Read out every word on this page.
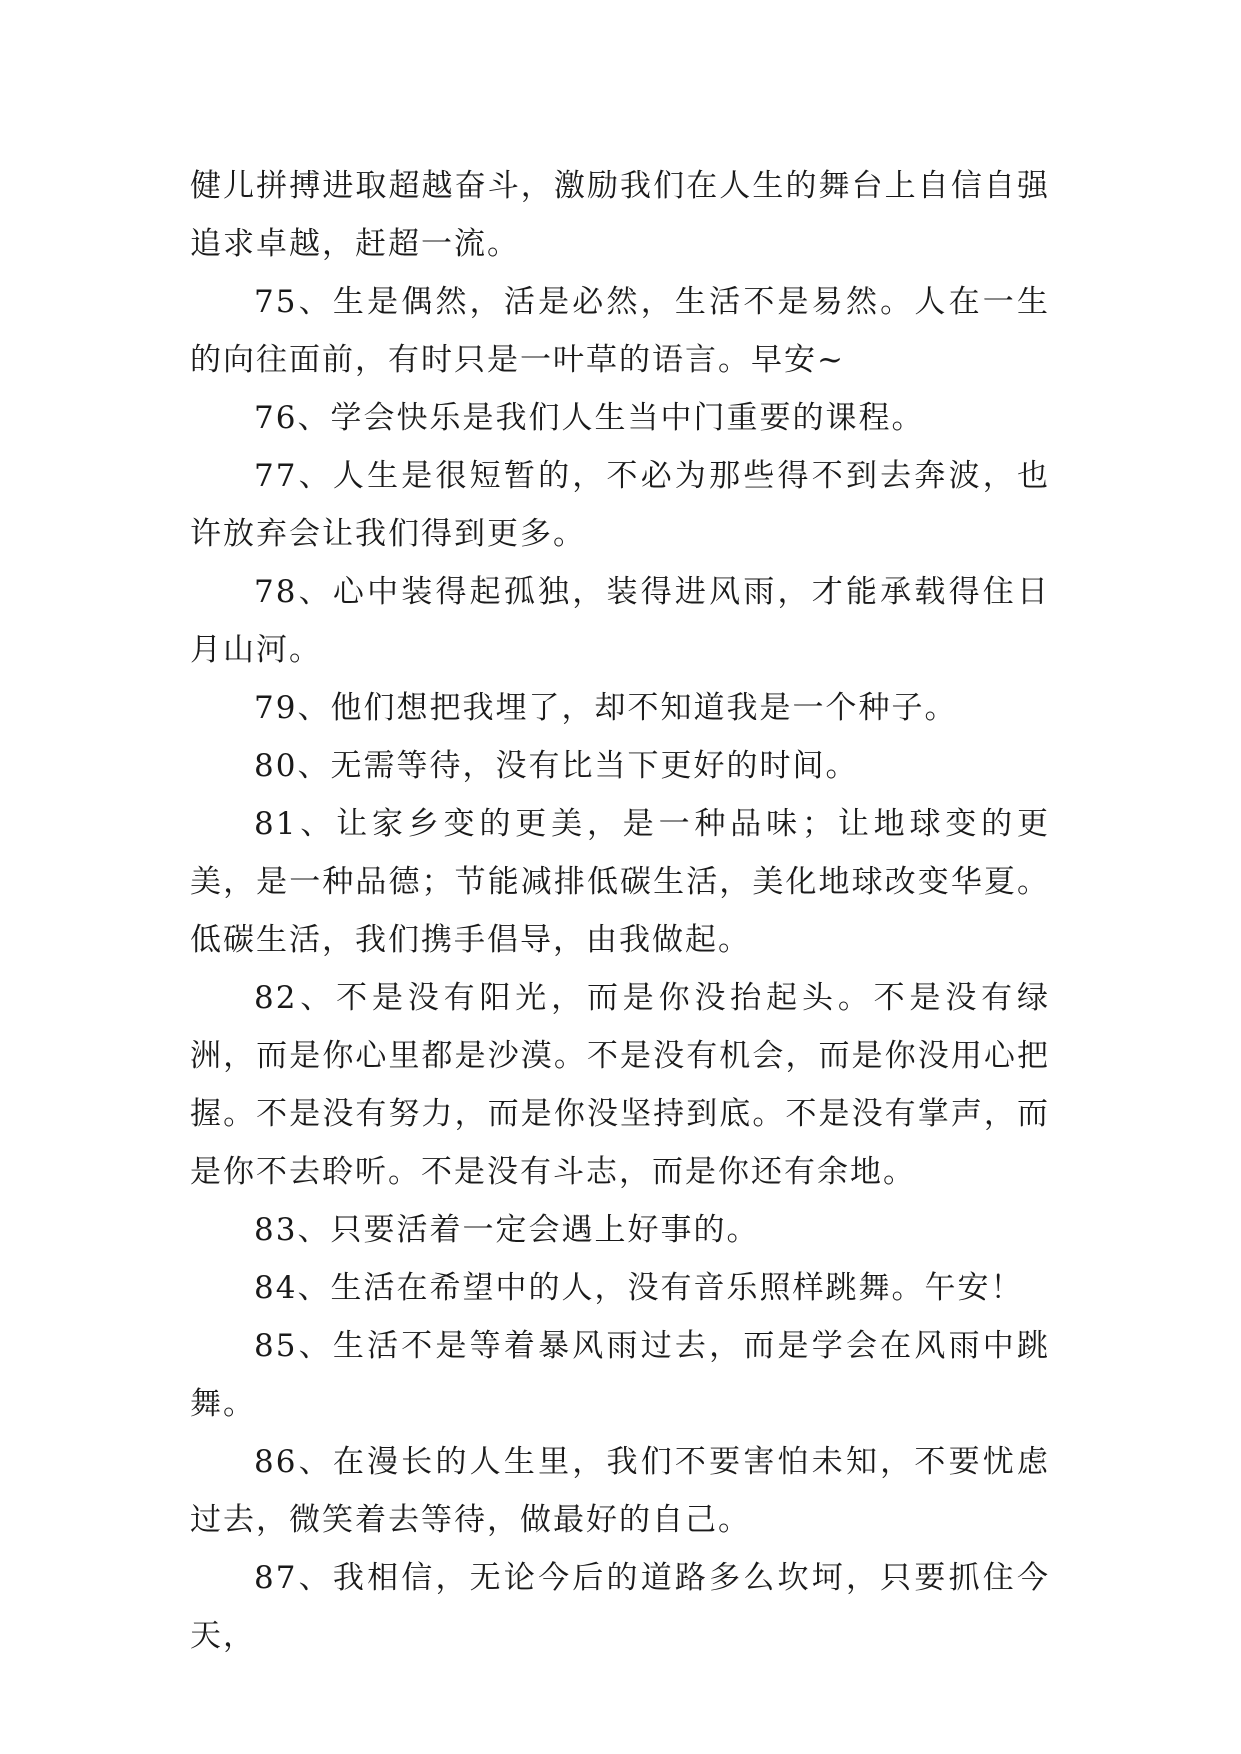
健儿拼搏进取超越奋斗，激励我们在人生的舞台上自信自强追求卓越，赶超一流。

75、生是偶然，活是必然，生活不是易然。人在一生的向往面前，有时只是一叶草的语言。早安~

76、学会快乐是我们人生当中门重要的课程。

77、人生是很短暂的，不必为那些得不到去奔波，也许放弃会让我们得到更多。

78、心中装得起孤独，装得进风雨，才能承载得住日月山河。

79、他们想把我埋了，却不知道我是一个种子。

80、无需等待，没有比当下更好的时间。

81、让家乡变的更美，是一种品味；让地球变的更美，是一种品德；节能减排低碳生活，美化地球改变华夏。低碳生活，我们携手倡导，由我做起。

82、不是没有阳光，而是你没抬起头。不是没有绿洲，而是你心里都是沙漠。不是没有机会，而是你没用心把握。不是没有努力，而是你没坚持到底。不是没有掌声，而是你不去聆听。不是没有斗志，而是你还有余地。

83、只要活着一定会遇上好事的。

84、生活在希望中的人，没有音乐照样跳舞。午安！

85、生活不是等着暴风雨过去，而是学会在风雨中跳舞。

86、在漫长的人生里，我们不要害怕未知，不要忧虑过去，微笑着去等待，做最好的自己。

87、我相信，无论今后的道路多么坎坷，只要抓住今天，
